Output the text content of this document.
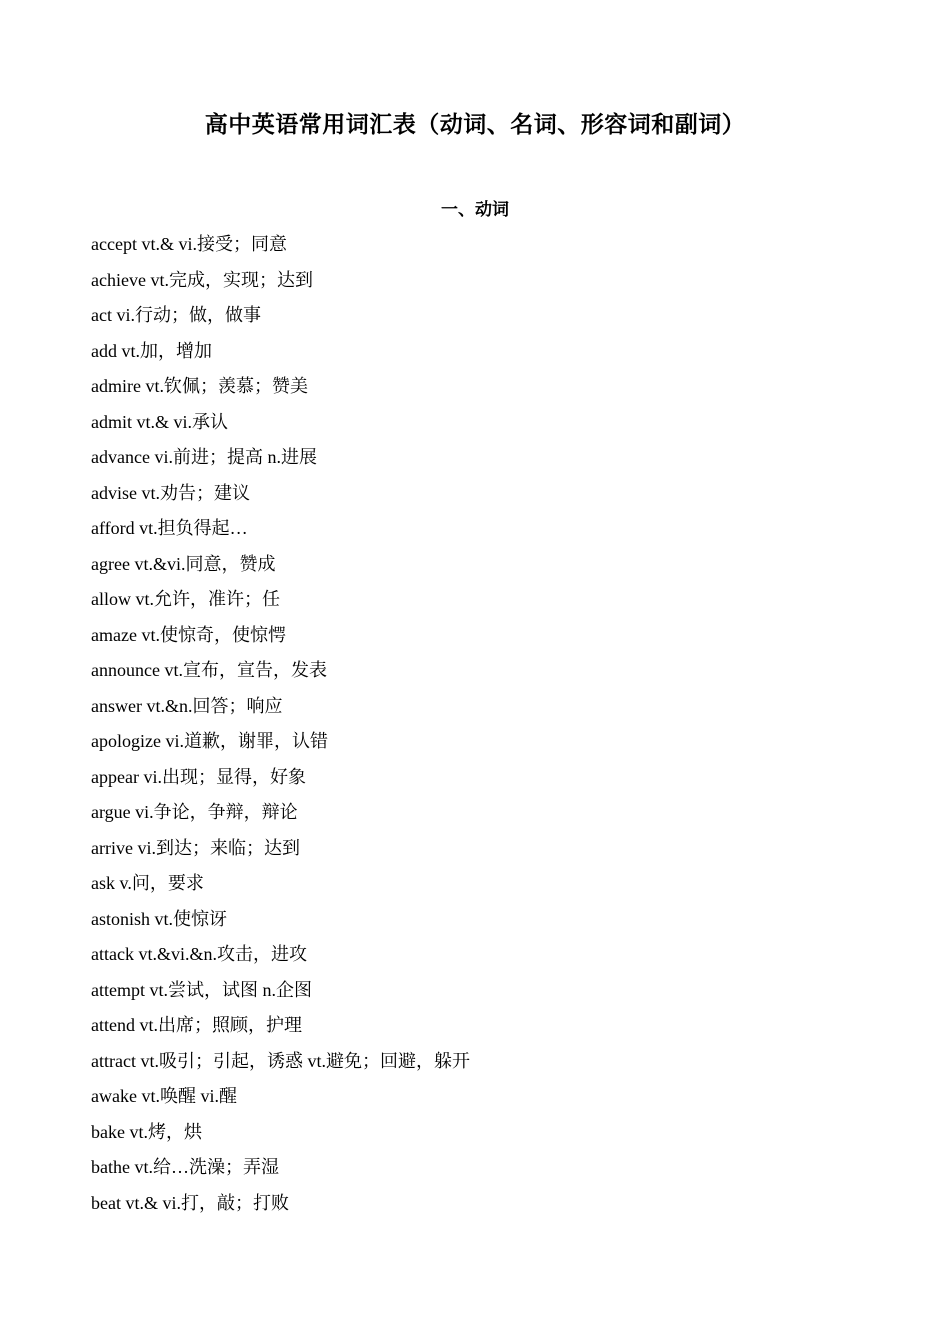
高中英语常用词汇表（动词、名词、形容词和副词）
一、动词
accept vt.& vi.接受；同意
achieve vt.完成，实现；达到
act vi.行动；做，做事
add vt.加，增加
admire vt.钦佩；羡慕；赞美
admit vt.& vi.承认
advance vi.前进；提高 n.进展
advise vt.劝告；建议
afford vt.担负得起…
agree vt.&vi.同意，赞成
allow vt.允许，准许；任
amaze vt.使惊奇，使惊愕
announce vt.宣布，宣告，发表
answer vt.&n.回答；响应
apologize vi.道歉，谢罪，认错
appear vi.出现；显得，好象
argue vi.争论，争辩，辩论
arrive vi.到达；来临；达到
ask v.问，要求
astonish vt.使惊讶
attack vt.&vi.&n.攻击，进攻
attempt vt.尝试，试图 n.企图
attend vt.出席；照顾，护理
attract vt.吸引；引起，诱惑 vt.避免；回避，躲开
awake vt.唤醒 vi.醒
bake vt.烤，烘
bathe vt.给…洗澡；弄湿
beat vt.& vi.打，敲；打败
